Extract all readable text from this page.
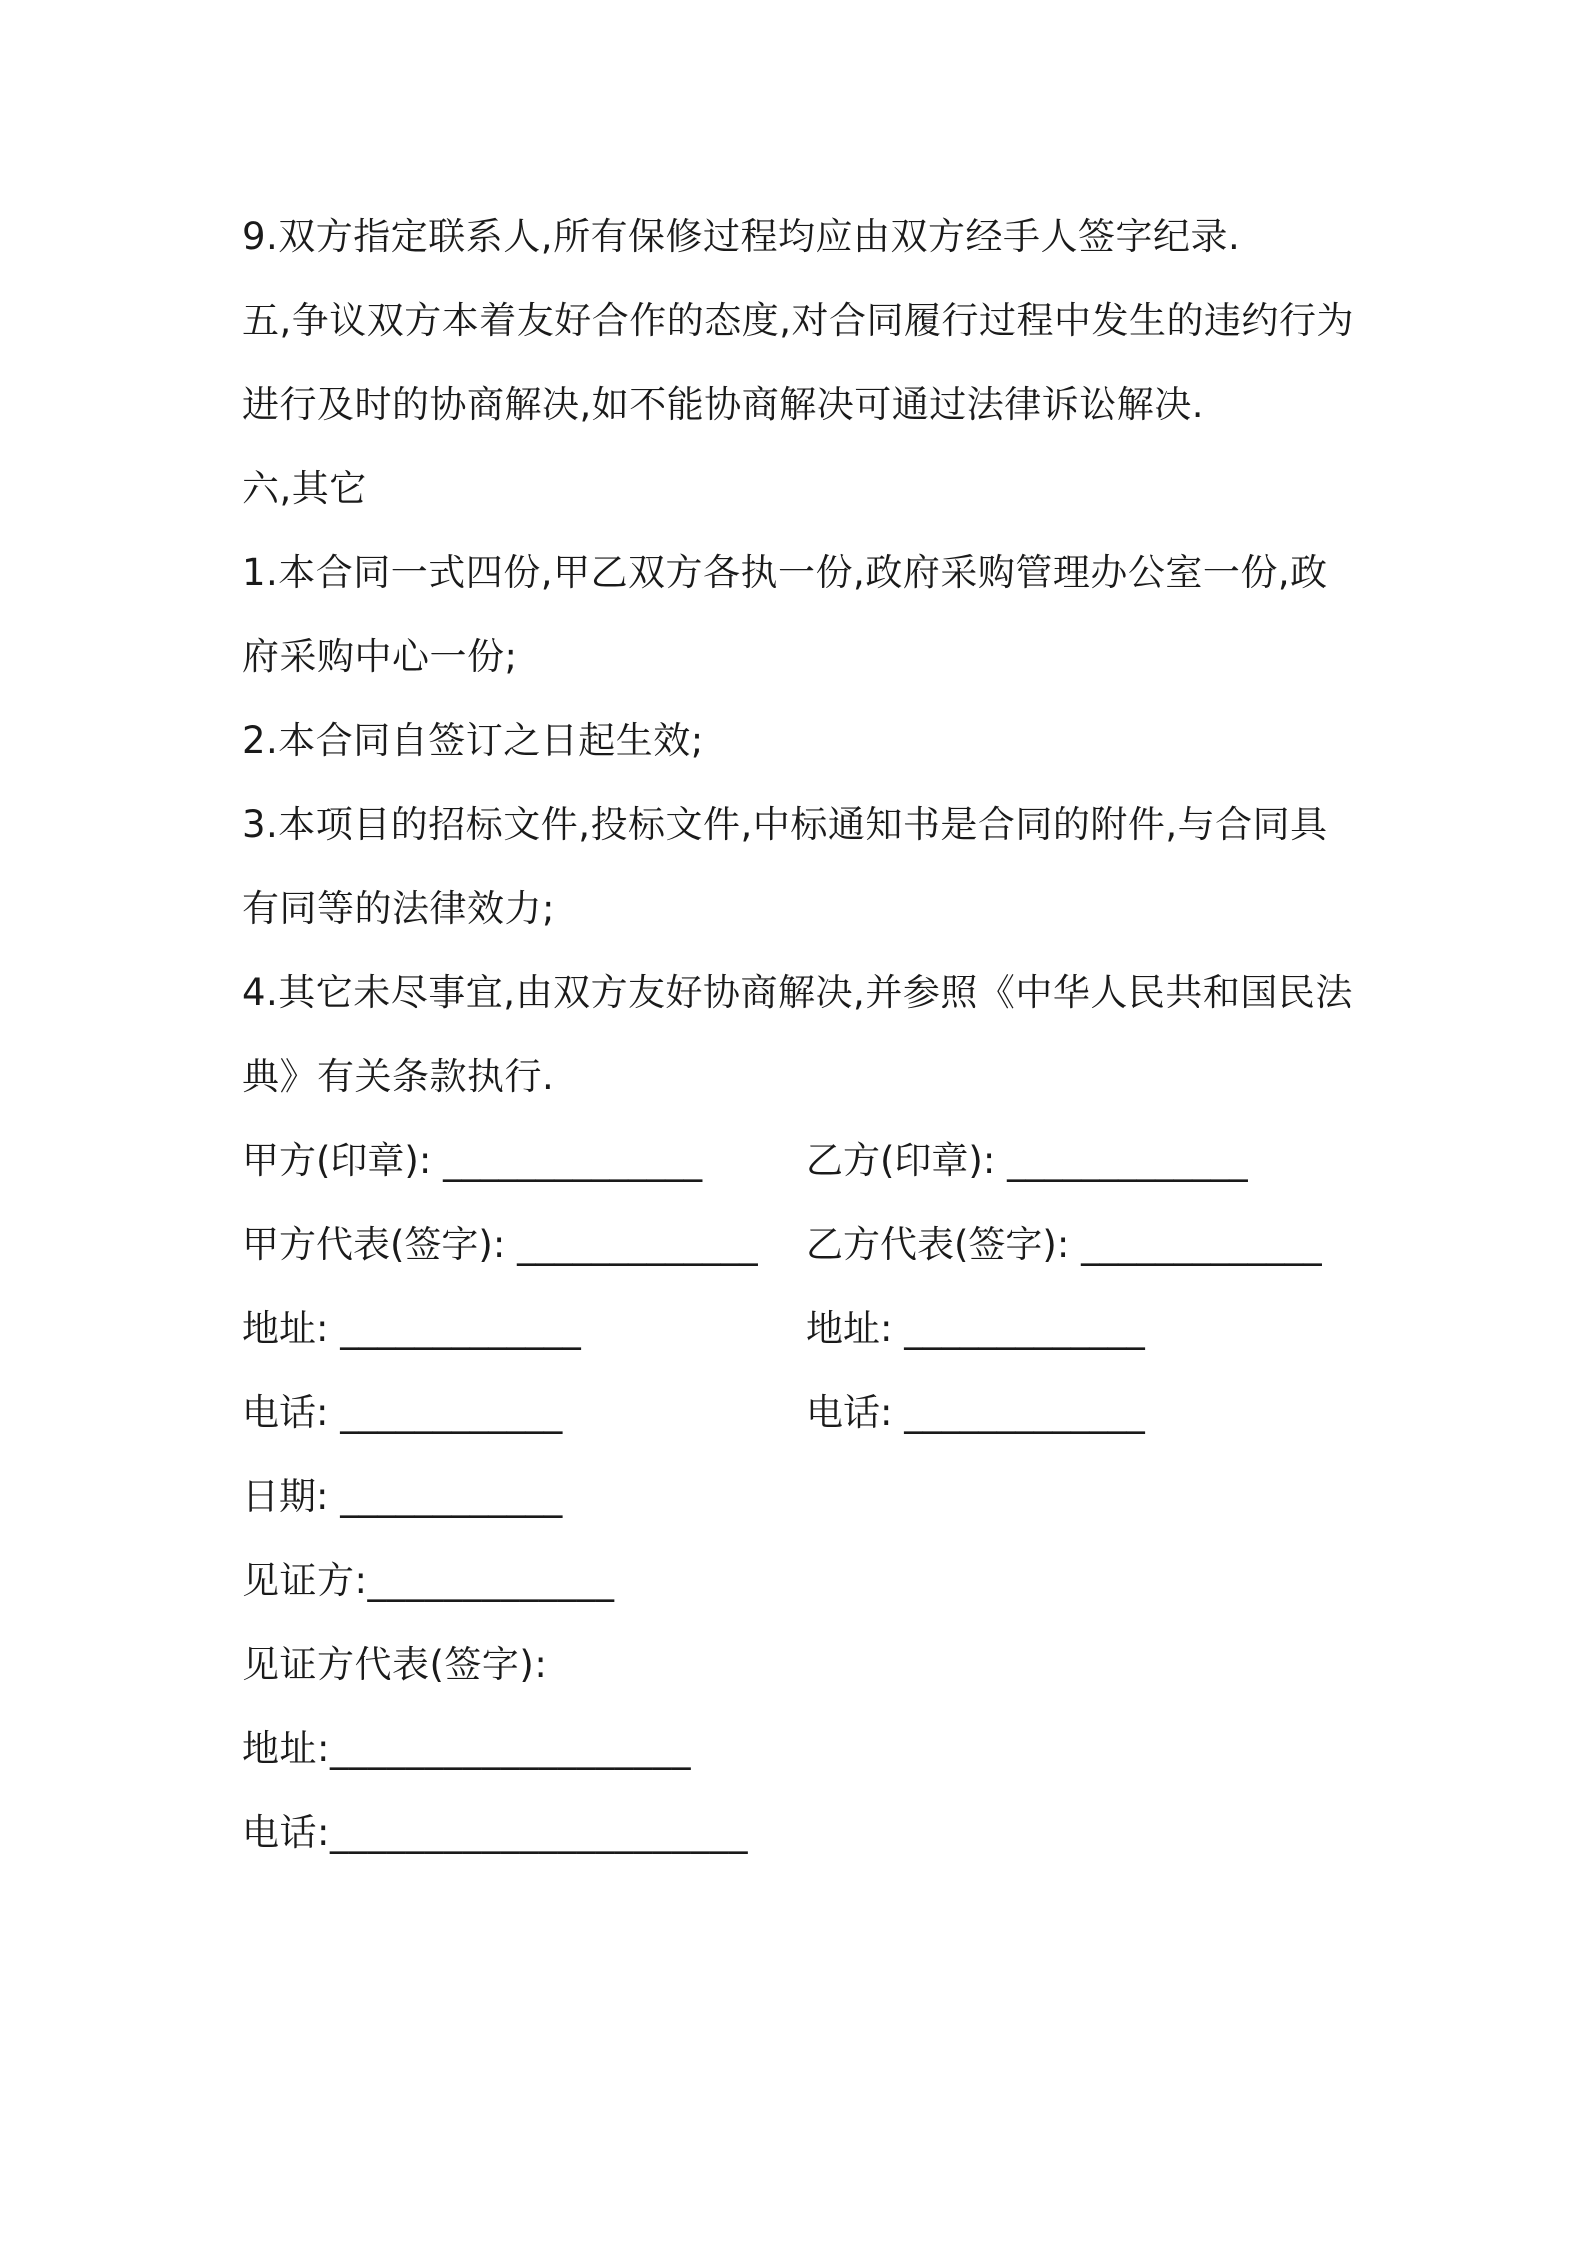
9.双方指定联系人,所有保修过程均应由双方经手人签字纪录.
五,争议双方本着友好合作的态度,对合同履行过程中发生的违约行为
进行及时的协商解决,如不能协商解决可通过法律诉讼解决.
六,其它
1.本合同一式四份,甲乙双方各执一份,政府采购管理办公室一份,政
府采购中心一份;
2.本合同自签订之日起生效;
3.本项目的招标文件,投标文件,中标通知书是合同的附件,与合同具
有同等的法律效力;
4.其它未尽事宜,由双方友好协商解决,并参照《中华人民共和国民法
典》有关条款执行.
甲方(印章): ______________	乙方(印章): _____________
甲方代表(签字): _____________ 乙方代表(签字): _____________
地址: _____________	地址: _____________
电话: ____________	电话: _____________
日期: ____________
见证方:_____________
见证方代表(签字):
地址:___________________
电话:______________________
